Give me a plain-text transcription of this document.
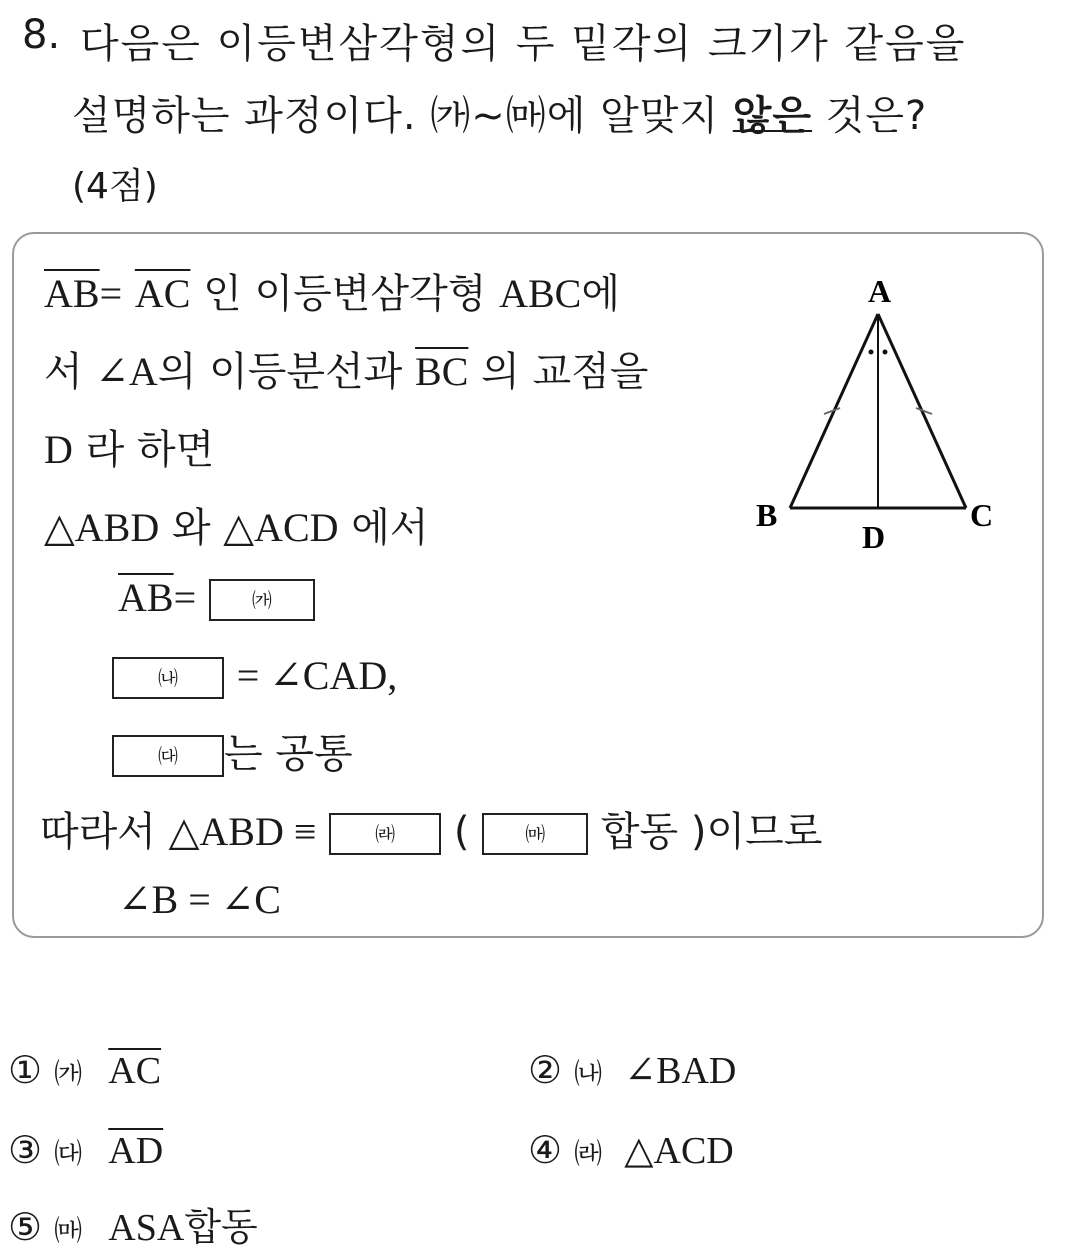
8. 다음은 이등변삼각형의 두 밑각의 크기가 같음을
설명하는 과정이다. ㈎~㈒에 알맞지 않은 것은?
(4점)
$\overline{AB}= \overline{AC}$ 인 이등변삼각형 ABC에
서 ∠A의 이등분선과 $\overline{BC}$ 의 교점을
D 라 하면
△ABD 와 △ACD 에서
$\overline{AB}=$	㈎
㈏ = ∠CAD,
㈐ 는 공통
따라서 △ABD ≡	㈑ (	㈒ 합동 )이므로
∠B = ∠C
A
B	C
D
① ㈎ $\overline{AC}$	② ㈏ ∠BAD
③ ㈐ $\overline{AD}$	④ ㈑ △ACD
⑤ ㈒ ASA합동
